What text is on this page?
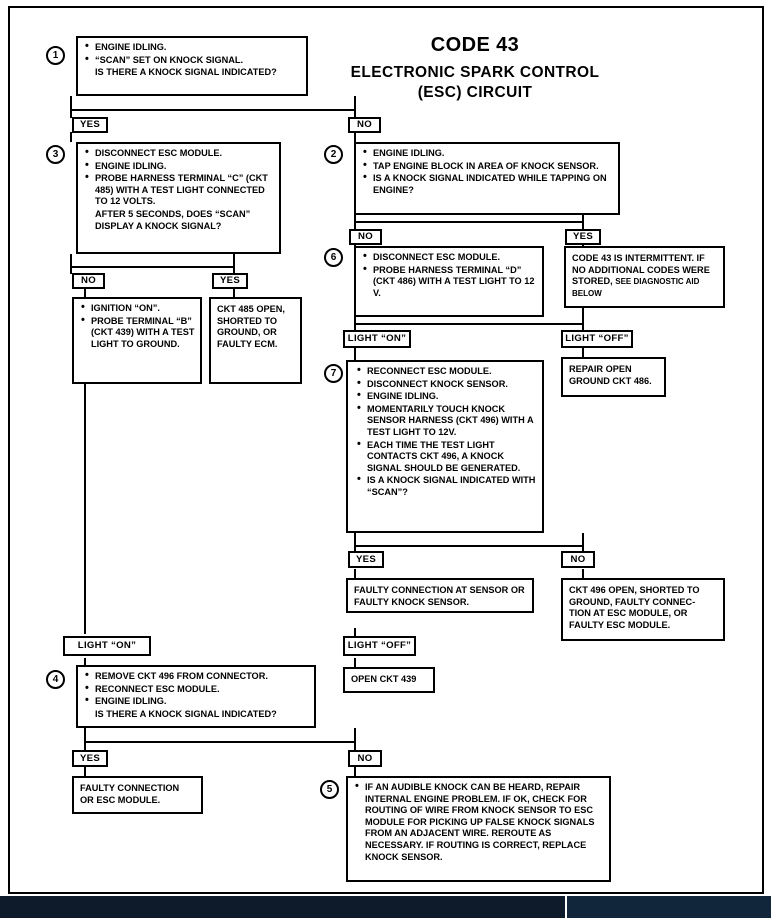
CODE 43
ELECTRONIC SPARK CONTROL
(ESC) CIRCUIT
1
• ENGINE IDLING.
• “SCAN” SET ON KNOCK SIGNAL.
IS THERE A KNOCK SIGNAL INDICATED?
YES	NO
3	• DISCONNECT ESC MODULE.
• ENGINE IDLING.
• PROBE HARNESS TERMINAL “C” (CKT 485) WITH A TEST LIGHT CONNECTED TO 12 VOLTS.
AFTER 5 SECONDS, DOES “SCAN” DISPLAY A KNOCK SIGNAL?
NO	YES
• IGNITION “ON”.
• PROBE TERMINAL “B” (CKT 439) WITH A TEST LIGHT TO GROUND.
CKT 485 OPEN, SHORTED TO GROUND, OR FAULTY ECM.
2	• ENGINE IDLING.
• TAP ENGINE BLOCK IN AREA OF KNOCK SENSOR.
• IS A KNOCK SIGNAL INDICATED WHILE TAPPING ON ENGINE?
NO	YES
6	• DISCONNECT ESC MODULE.
• PROBE HARNESS TERMINAL “D” (CKT 486) WITH A TEST LIGHT TO 12 V.
CODE 43 IS INTERMITTENT. IF NO ADDITIONAL CODES WERE STORED, SEE DIAGNOSTIC AID BELOW
LIGHT “ON”	LIGHT “OFF”
REPAIR OPEN GROUND CKT 486.
7	• RECONNECT ESC MODULE.
• DISCONNECT KNOCK SENSOR.
• ENGINE IDLING.
• MOMENTARILY TOUCH KNOCK SENSOR HARNESS (CKT 496) WITH A TEST LIGHT TO 12V.
• EACH TIME THE TEST LIGHT CONTACTS CKT 496, A KNOCK SIGNAL SHOULD BE GENERATED.
• IS A KNOCK SIGNAL INDICATED WITH “SCAN”?
YES	NO
FAULTY CONNECTION AT SENSOR OR FAULTY KNOCK SENSOR.
CKT 496 OPEN, SHORTED TO GROUND, FAULTY CONNEC-TION AT ESC MODULE, OR FAULTY ESC MODULE.
LIGHT “ON”	LIGHT “OFF”
OPEN CKT 439
4	• REMOVE CKT 496 FROM CONNECTOR.
• RECONNECT ESC MODULE.
• ENGINE IDLING.
IS THERE A KNOCK SIGNAL INDICATED?
YES	NO
FAULTY CONNECTION OR ESC MODULE.
5	• IF AN AUDIBLE KNOCK CAN BE HEARD, REPAIR INTERNAL ENGINE PROBLEM. IF OK, CHECK FOR ROUTING OF WIRE FROM KNOCK SENSOR TO ESC MODULE FOR PICKING UP FALSE KNOCK SIGNALS FROM AN ADJACENT WIRE. REROUTE AS NECESSARY. IF ROUTING IS CORRECT, REPLACE KNOCK SENSOR.
